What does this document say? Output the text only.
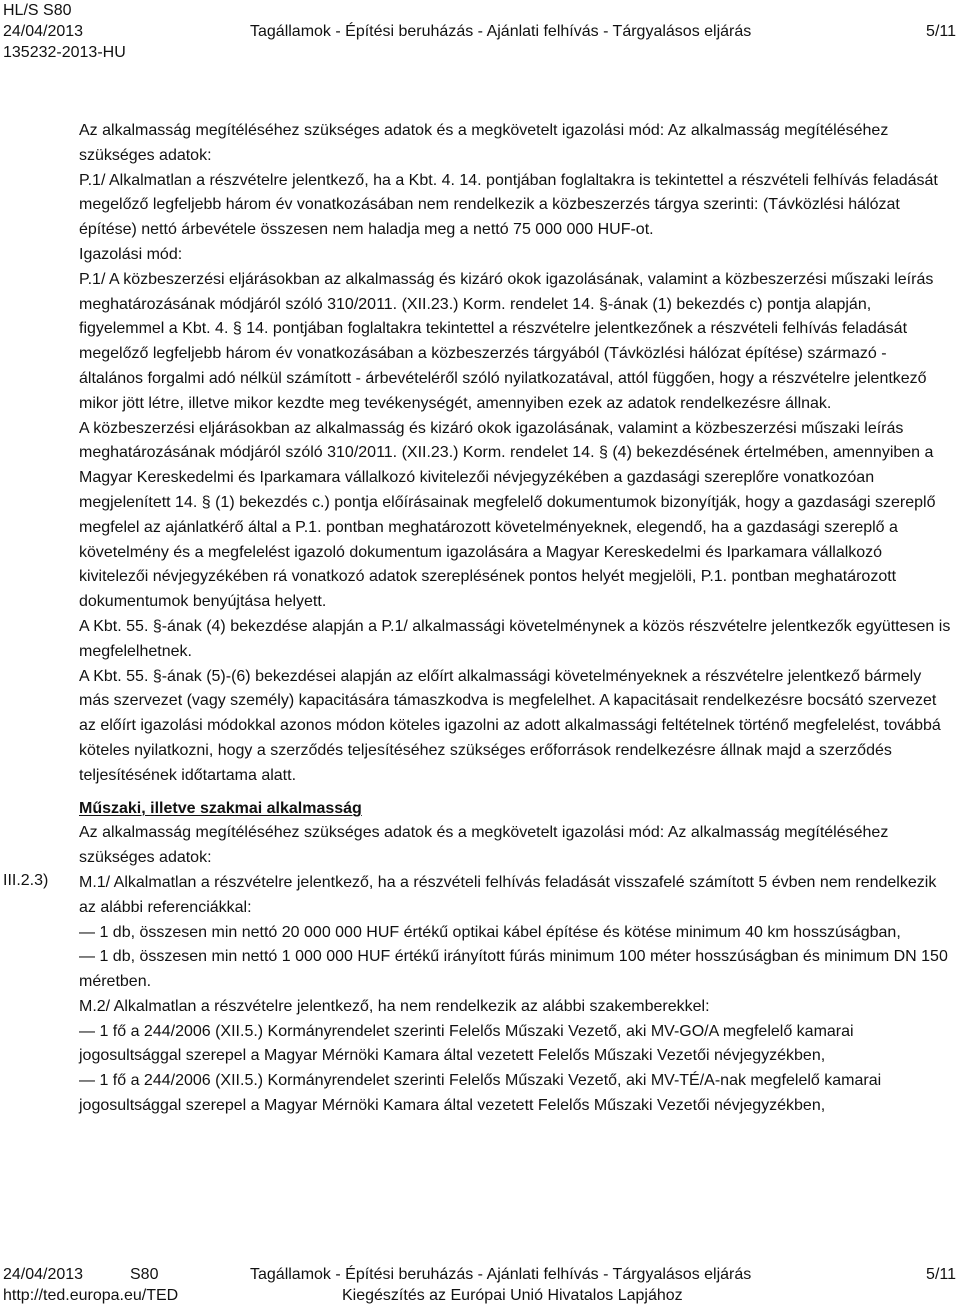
HL/S S80
24/04/2013	Tagállamok - Építési beruházás - Ajánlati felhívás - Tárgyalásos eljárás	5/11
135232-2013-HU
III.2.3)

Az alkalmasság megítéléséhez szükséges adatok és a megkövetelt igazolási mód: Az alkalmasság megítéléséhez szükséges adatok:

P.1/ Alkalmatlan a részvételre jelentkező, ha a Kbt. 4. 14. pontjában foglaltakra is tekintettel a részvételi felhívás feladását megelőző legfeljebb három év vonatkozásában nem rendelkezik a közbeszerzés tárgya szerinti: (Távközlési hálózat építése) nettó árbevétele összesen nem haladja meg a nettó 75 000 000 HUF-ot.

Igazolási mód:

P.1/ A közbeszerzési eljárásokban az alkalmasság és kizáró okok igazolásának, valamint a közbeszerzési műszaki leírás meghatározásának módjáról szóló 310/2011. (XII.23.) Korm. rendelet 14. §-ának (1) bekezdés c) pontja alapján, figyelemmel a Kbt. 4. § 14. pontjában foglaltakra tekintettel a részvételre jelentkezőnek a részvételi felhívás feladását megelőző legfeljebb három év vonatkozásában a közbeszerzés tárgyából (Távközlési hálózat építése) származó - általános forgalmi adó nélkül számított - árbevételéről szóló nyilatkozatával, attól függően, hogy a részvételre jelentkező mikor jött létre, illetve mikor kezdte meg tevékenységét, amennyiben ezek az adatok rendelkezésre állnak.

A közbeszerzési eljárásokban az alkalmasság és kizáró okok igazolásának, valamint a közbeszerzési műszaki leírás meghatározásának módjáról szóló 310/2011. (XII.23.) Korm. rendelet 14. § (4) bekezdésének értelmében, amennyiben a Magyar Kereskedelmi és Iparkamara vállalkozó kivitelezői névjegyzékében a gazdasági szereplőre vonatkozóan megjelenített 14. § (1) bekezdés c.) pontja előírásainak megfelelő dokumentumok bizonyítják, hogy a gazdasági szereplő megfelel az ajánlatkérő által a P.1. pontban meghatározott követelményeknek, elegendő, ha a gazdasági szereplő a követelmény és a megfelelést igazoló dokumentum igazolására a Magyar Kereskedelmi és Iparkamara vállalkozó kivitelezői névjegyzékében rá vonatkozó adatok szereplésének pontos helyét megjelöli, P.1. pontban meghatározott dokumentumok benyújtása helyett.

A Kbt. 55. §-ának (4) bekezdése alapján a P.1/ alkalmassági követelménynek a közös részvételre jelentkezők együttesen is megfelelhetnek.

A Kbt. 55. §-ának (5)-(6) bekezdései alapján az előírt alkalmassági követelményeknek a részvételre jelentkező bármely más szervezet (vagy személy) kapacitására támaszkodva is megfelelhet. A kapacitásait rendelkezésre bocsátó szervezet az előírt igazolási módokkal azonos módon köteles igazolni az adott alkalmassági feltételnek történő megfelelést, továbbá köteles nyilatkozni, hogy a szerződés teljesítéséhez szükséges erőforrások rendelkezésre állnak majd a szerződés teljesítésének időtartama alatt.

Műszaki, illetve szakmai alkalmasság

Az alkalmasság megítéléséhez szükséges adatok és a megkövetelt igazolási mód: Az alkalmasság megítéléséhez szükséges adatok:

M.1/ Alkalmatlan a részvételre jelentkező, ha a részvételi felhívás feladását visszafelé számított 5 évben nem rendelkezik az alábbi referenciákkal:

— 1 db, összesen min nettó 20 000 000 HUF értékű optikai kábel építése és kötése minimum 40 km hosszúságban,

— 1 db, összesen min nettó 1 000 000 HUF értékű irányított fúrás minimum 100 méter hosszúságban és minimum DN 150 méretben.

M.2/ Alkalmatlan a részvételre jelentkező, ha nem rendelkezik az alábbi szakemberekkel:

— 1 fő a 244/2006 (XII.5.) Kormányrendelet szerinti Felelős Műszaki Vezető, aki MV-GO/A megfelelő kamarai jogosultsággal szerepel a Magyar Mérnöki Kamara által vezetett Felelős Műszaki Vezetői névjegyzékben,

— 1 fő a 244/2006 (XII.5.) Kormányrendelet szerinti Felelős Műszaki Vezető, aki MV-TÉ/A-nak megfelelő kamarai jogosultsággal szerepel a Magyar Mérnöki Kamara által vezetett Felelős Műszaki Vezetői névjegyzékben,

24/04/2013	S80	Tagállamok - Építési beruházás - Ajánlati felhívás - Tárgyalásos eljárás	5/11
http://ted.europa.eu/TED	Kiegészítés az Európai Unió Hivatalos Lapjához
